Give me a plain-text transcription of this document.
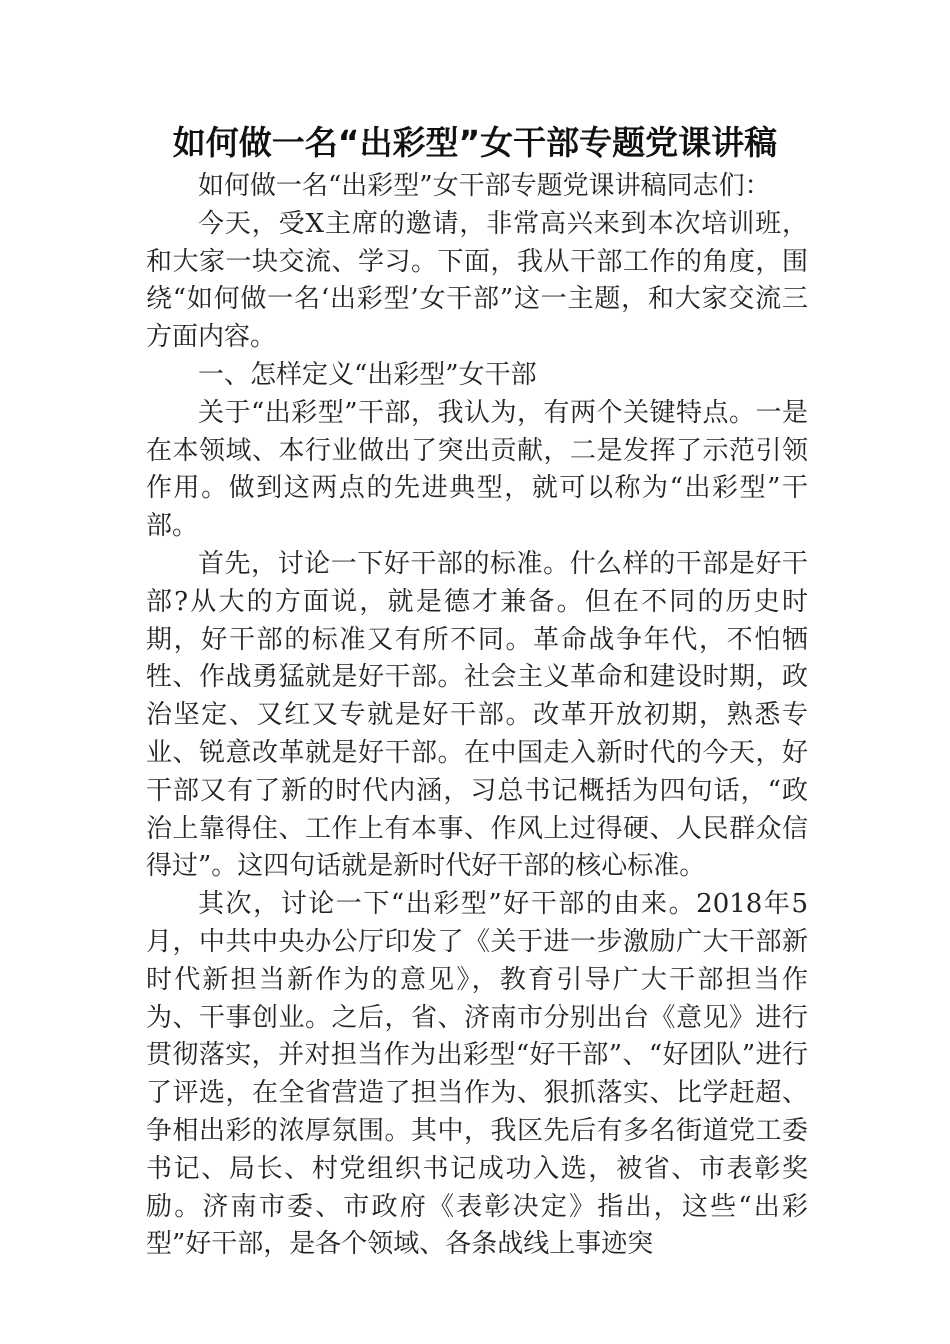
如何做一名“出彩型”女干部专题党课讲稿

如何做一名“出彩型”女干部专题党课讲稿同志们：

今天，受X主席的邀请，非常高兴来到本次培训班，和大家一块交流、学习。下面，我从干部工作的角度，围绕“如何做一名‘出彩型’女干部”这一主题，和大家交流三方面内容。

一、怎样定义“出彩型”女干部

关于“出彩型”干部，我认为，有两个关键特点。一是在本领域、本行业做出了突出贡献，二是发挥了示范引领作用。做到这两点的先进典型，就可以称为“出彩型”干部。

首先，讨论一下好干部的标准。什么样的干部是好干部?从大的方面说，就是德才兼备。但在不同的历史时期，好干部的标准又有所不同。革命战争年代，不怕牺牲、作战勇猛就是好干部。社会主义革命和建设时期，政治坚定、又红又专就是好干部。改革开放初期，熟悉专业、锐意改革就是好干部。在中国走入新时代的今天，好干部又有了新的时代内涵，习总书记概括为四句话，“政治上靠得住、工作上有本事、作风上过得硬、人民群众信得过”。这四句话就是新时代好干部的核心标准。

其次，讨论一下“出彩型”好干部的由来。2018年5月，中共中央办公厅印发了《关于进一步激励广大干部新时代新担当新作为的意见》，教育引导广大干部担当作为、干事创业。之后，省、济南市分别出台《意见》进行贯彻落实，并对担当作为出彩型“好干部”、“好团队”进行了评选，在全省营造了担当作为、狠抓落实、比学赶超、争相出彩的浓厚氛围。其中，我区先后有多名街道党工委书记、局长、村党组织书记成功入选，被省、市表彰奖励。济南市委、市政府《表彰决定》指出，这些“出彩型”好干部，是各个领域、各条战线上事迹突
